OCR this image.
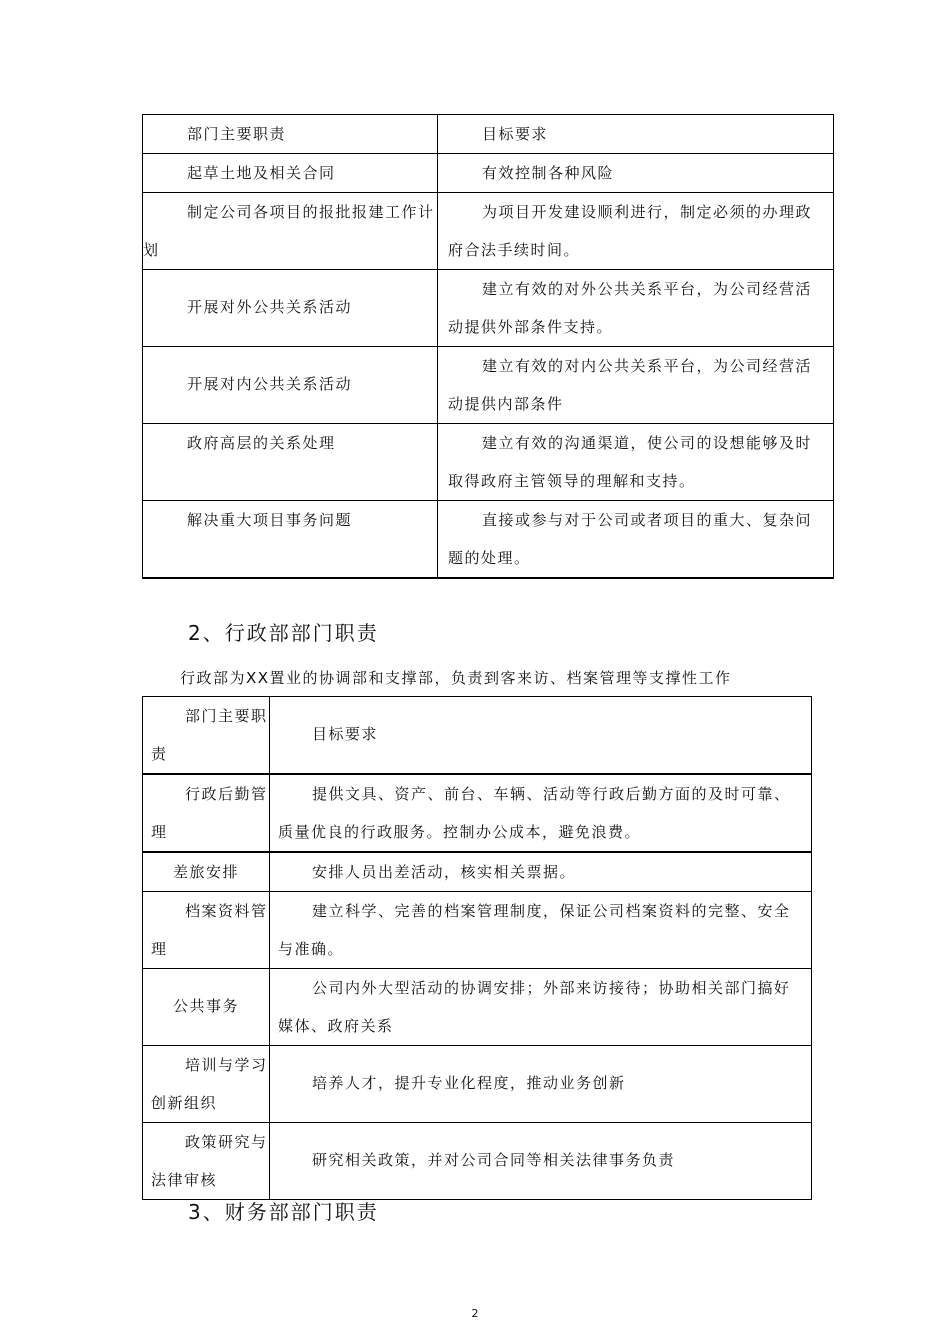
部门主要职责	目标要求
起草土地及相关合同	有效控制各种风险
制定公司各项目的报批报建工作计划	为项目开发建设顺利进行，制定必须的办理政府合法手续时间。
开展对外公共关系活动	建立有效的对外公共关系平台，为公司经营活动提供外部条件支持。
开展对内公共关系活动	建立有效的对内公共关系平台，为公司经营活动提供内部条件
政府高层的关系处理	建立有效的沟通渠道，使公司的设想能够及时取得政府主管领导的理解和支持。
解决重大项目事务问题	直接或参与对于公司或者项目的重大、复杂问题的处理。
2、行政部部门职责
行政部为XX置业的协调部和支撑部，负责到客来访、档案管理等支撑性工作
部门主要职责	目标要求
行政后勤管理	提供文具、资产、前台、车辆、活动等行政后勤方面的及时可靠、质量优良的行政服务。控制办公成本，避免浪费。
差旅安排	安排人员出差活动，核实相关票据。
档案资料管理	建立科学、完善的档案管理制度，保证公司档案资料的完整、安全与准确。
公共事务	公司内外大型活动的协调安排；外部来访接待；协助相关部门搞好媒体、政府关系
培训与学习创新组织	培养人才，提升专业化程度，推动业务创新
政策研究与法律审核	研究相关政策，并对公司合同等相关法律事务负责
3、财务部部门职责
2
